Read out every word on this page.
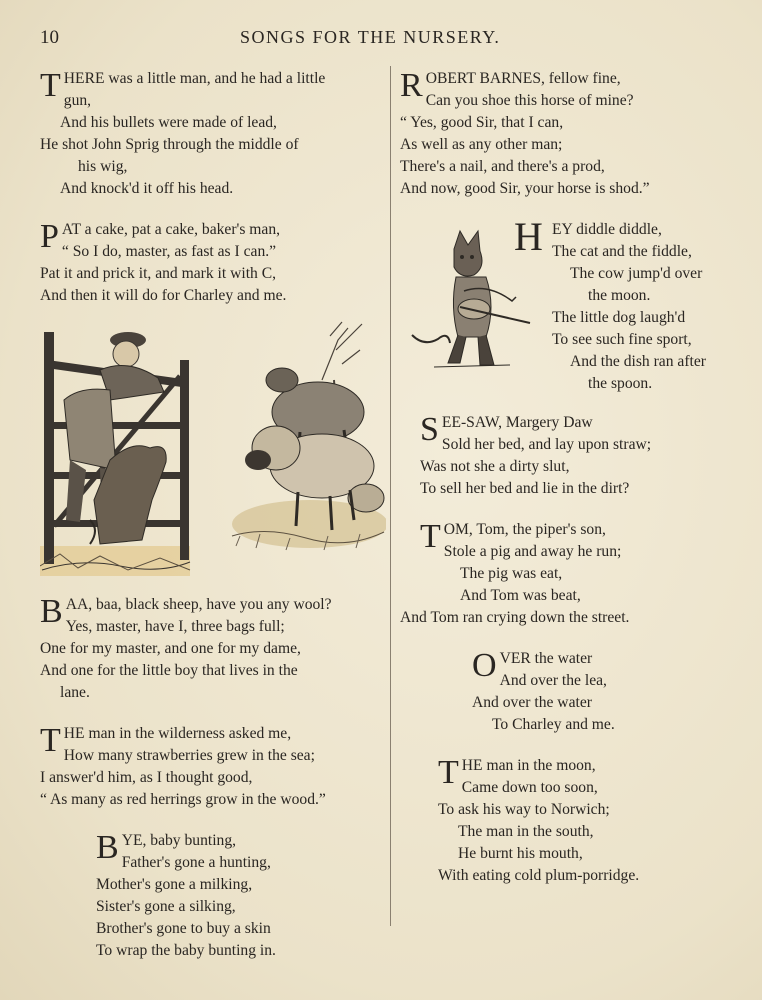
10	SONGS FOR THE NURSERY.
T HERE was a little man, and he had a little
gun,
And his bullets were made of lead,
He shot John Sprig through the middle of
his wig,
And knock'd it off his head.
P AT a cake, pat a cake, baker's man,
“ So I do, master, as fast as I can.”
Pat it and prick it, and mark it with C,
And then it will do for Charley and me.
B AA, baa, black sheep, have you any wool?
Yes, master, have I, three bags full;
One for my master, and one for my dame,
And one for the little boy that lives in the
lane.
T HE man in the wilderness asked me,
How many strawberries grew in the sea;
I answer'd him, as I thought good,
“ As many as red herrings grow in the wood.”
B YE, baby bunting,
Father's gone a hunting,
Mother's gone a milking,
Sister's gone a silking,
Brother's gone to buy a skin
To wrap the baby bunting in.
R OBERT BARNES, fellow fine,
Can you shoe this horse of mine?
“ Yes, good Sir, that I can,
As well as any other man;
There's a nail, and there's a prod,
And now, good Sir, your horse is shod.”
H EY diddle diddle,
The cat and the fiddle,
The cow jump'd over
the moon.
The little dog laugh'd
To see such fine sport,
And the dish ran after
the spoon.
S EE-SAW, Margery Daw
Sold her bed, and lay upon straw;
Was not she a dirty slut,
To sell her bed and lie in the dirt?
T OM, Tom, the piper's son,
Stole a pig and away he run;
The pig was eat,
And Tom was beat,
And Tom ran crying down the street.
O VER the water
And over the lea,
And over the water
To Charley and me.
T HE man in the moon,
Came down too soon,
To ask his way to Norwich;
The man in the south,
He burnt his mouth,
With eating cold plum-porridge.
